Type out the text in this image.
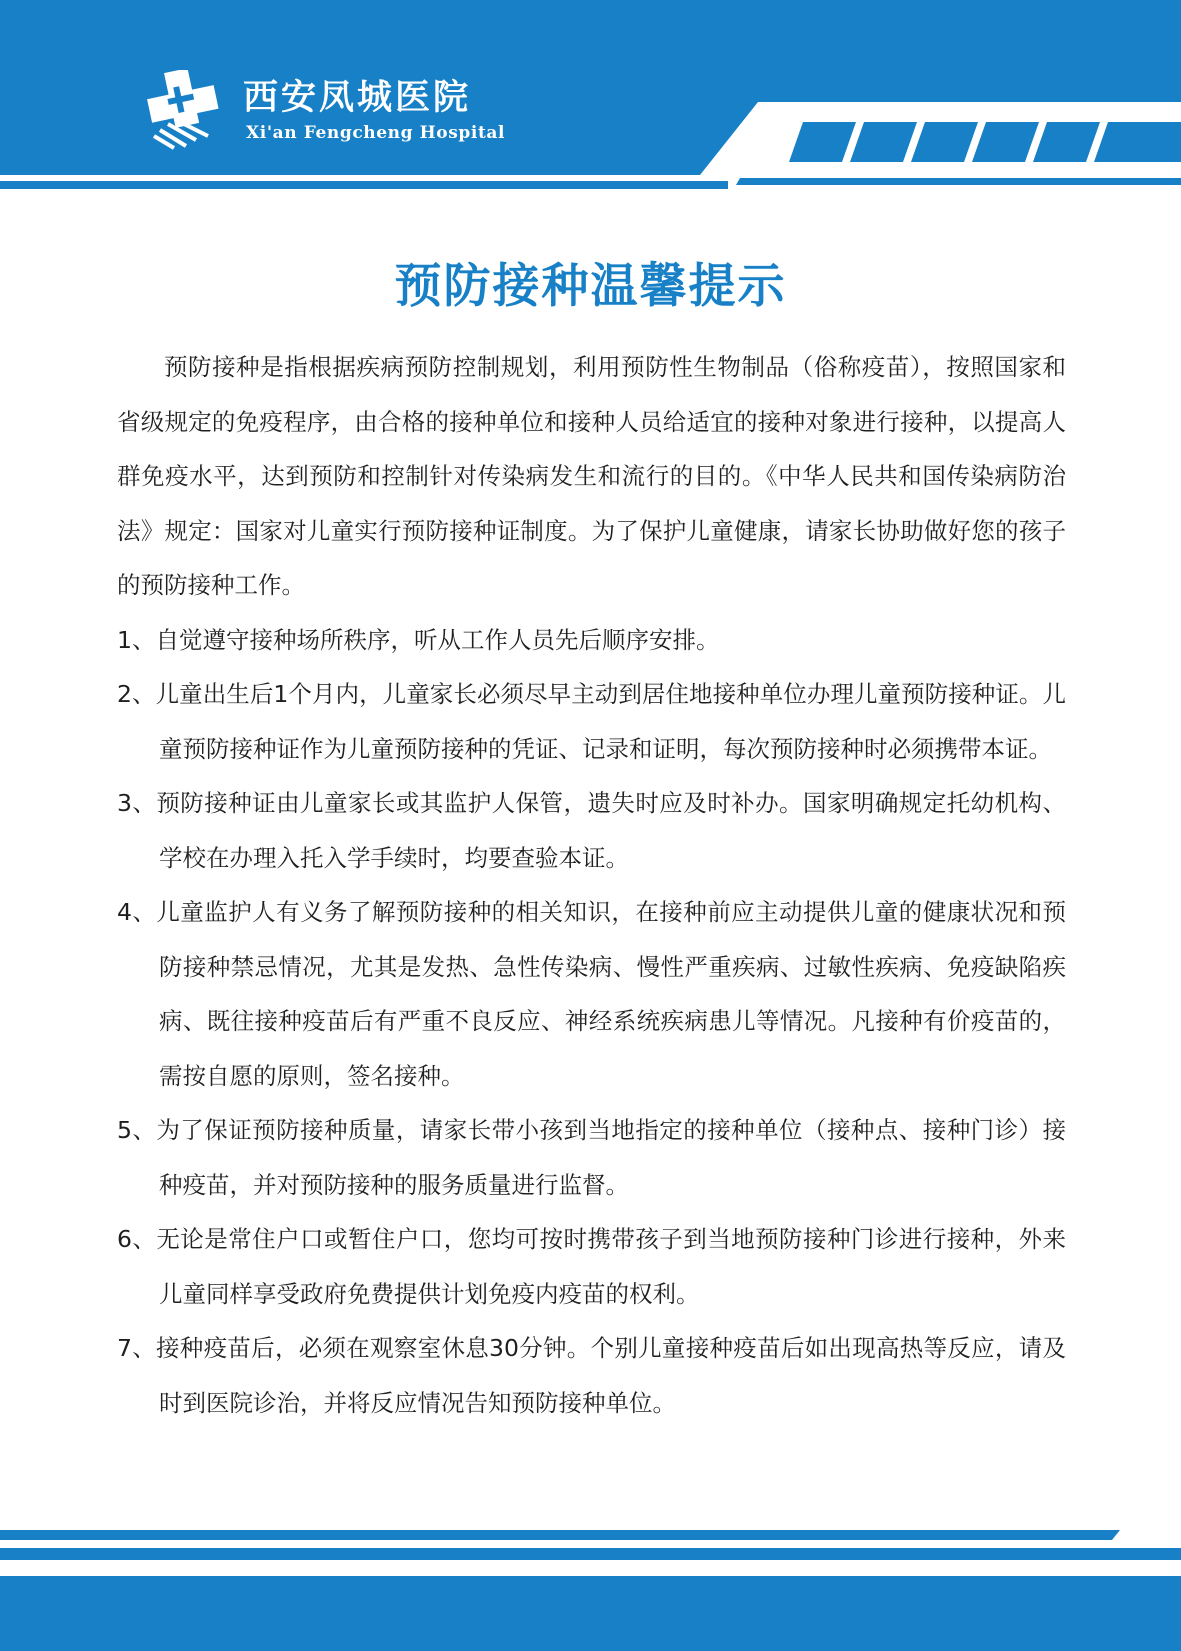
西安凤城医院
Xi'an Fengcheng Hospital
预防接种温馨提示

预防接种是指根据疾病预防控制规划，利用预防性生物制品（俗称疫苗），按照国家和省级规定的免疫程序，由合格的接种单位和接种人员给适宜的接种对象进行接种，以提高人群免疫水平，达到预防和控制针对传染病发生和流行的目的。《中华人民共和国传染病防治法》规定：国家对儿童实行预防接种证制度。为了保护儿童健康，请家长协助做好您的孩子的预防接种工作。

1、自觉遵守接种场所秩序，听从工作人员先后顺序安排。

2、儿童出生后1个月内，儿童家长必须尽早主动到居住地接种单位办理儿童预防接种证。儿童预防接种证作为儿童预防接种的凭证、记录和证明，每次预防接种时必须携带本证。

3、预防接种证由儿童家长或其监护人保管，遗失时应及时补办。国家明确规定托幼机构、学校在办理入托入学手续时，均要查验本证。

4、儿童监护人有义务了解预防接种的相关知识，在接种前应主动提供儿童的健康状况和预防接种禁忌情况，尤其是发热、急性传染病、慢性严重疾病、过敏性疾病、免疫缺陷疾病、既往接种疫苗后有严重不良反应、神经系统疾病患儿等情况。凡接种有价疫苗的，需按自愿的原则，签名接种。

5、为了保证预防接种质量，请家长带小孩到当地指定的接种单位（接种点、接种门诊）接种疫苗，并对预防接种的服务质量进行监督。

6、无论是常住户口或暂住户口，您均可按时携带孩子到当地预防接种门诊进行接种，外来儿童同样享受政府免费提供计划免疫内疫苗的权利。

7、接种疫苗后，必须在观察室休息30分钟。个别儿童接种疫苗后如出现高热等反应，请及时到医院诊治，并将反应情况告知预防接种单位。
